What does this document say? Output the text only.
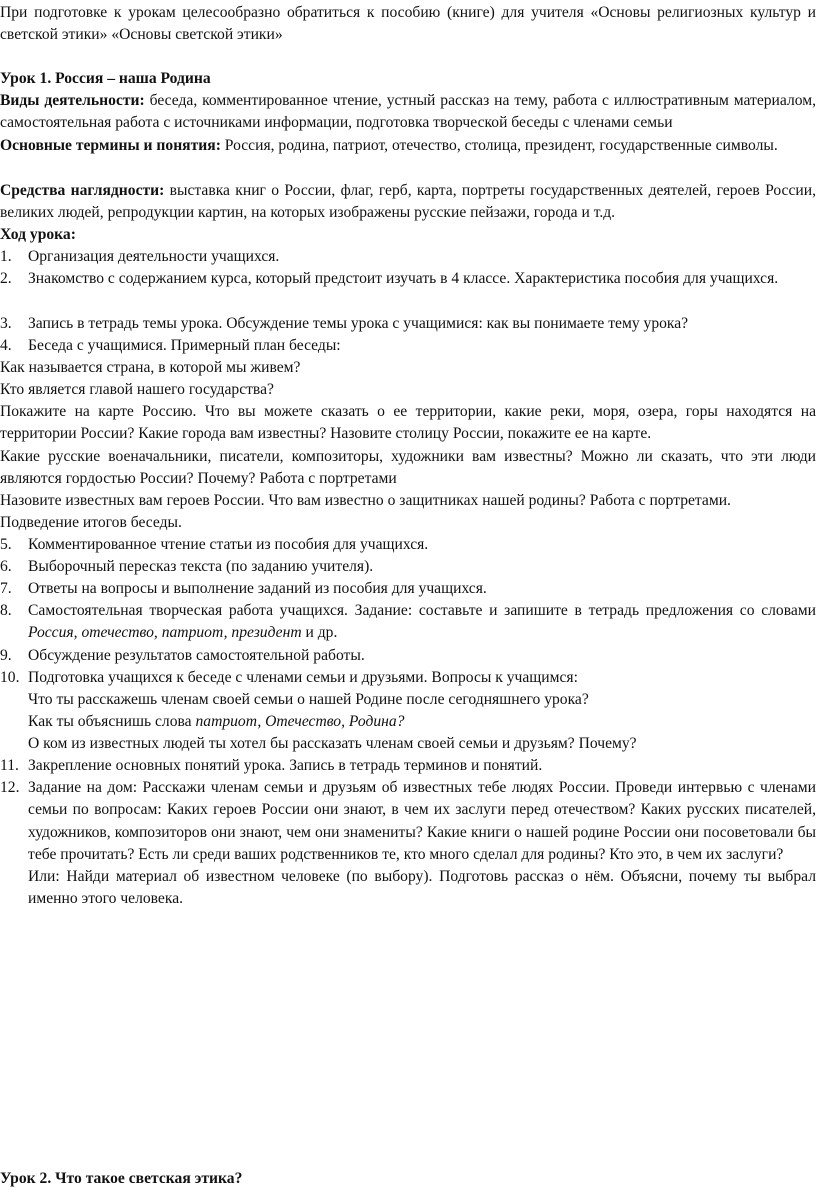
При подготовке к урокам целесообразно обратиться к пособию (книге) для учителя «Основы религиозных культур и светской этики» «Основы светской этики»
Урок 1. Россия – наша Родина
Виды деятельности: беседа, комментированное чтение, устный рассказ на тему, работа с иллюстративным материалом, самостоятельная работа с источниками информации, подготовка творческой беседы с членами семьи
Основные термины и понятия: Россия, родина, патриот, отечество, столица, президент, государственные символы.
Средства наглядности: выставка книг о России, флаг, герб, карта, портреты государственных деятелей, героев России, великих людей, репродукции картин, на которых изображены русские пейзажи, города и т.д.
Ход урока:
1. Организация деятельности учащихся.
2. Знакомство с содержанием курса, который предстоит изучать в 4 классе. Характеристика пособия для учащихся.
3. Запись в тетрадь темы урока. Обсуждение темы урока с учащимися: как вы понимаете тему урока?
4. Беседа с учащимися. Примерный план беседы:
Как называется страна, в которой мы живем?
Кто является главой нашего государства?
Покажите на карте Россию. Что вы можете сказать о ее территории, какие реки, моря, озера, горы находятся на территории России? Какие города вам известны? Назовите столицу России, покажите ее на карте.
Какие русские военачальники, писатели, композиторы, художники вам известны? Можно ли сказать, что эти люди являются гордостью России? Почему? Работа с портретами
Назовите известных вам героев России. Что вам известно о защитниках нашей родины? Работа с портретами.
Подведение итогов беседы.
5. Комментированное чтение статьи из пособия для учащихся.
6. Выборочный пересказ текста (по заданию учителя).
7. Ответы на вопросы и выполнение заданий из пособия для учащихся.
8. Самостоятельная творческая работа учащихся. Задание: составьте и запишите в тетрадь предложения со словами Россия, отечество, патриот, президент и др.
9. Обсуждение результатов самостоятельной работы.
10. Подготовка учащихся к беседе с членами семьи и друзьями. Вопросы к учащимся:
Что ты расскажешь членам своей семьи о нашей Родине после сегодняшнего урока?
Как ты объяснишь слова патриот, Отечество, Родина?
О ком из известных людей ты хотел бы рассказать членам своей семьи и друзьям? Почему?
11. Закрепление основных понятий урока. Запись в тетрадь терминов и понятий.
12. Задание на дом: Расскажи членам семьи и друзьям об известных тебе людях России. Проведи интервью с членами семьи по вопросам: Каких героев России они знают, в чем их заслуги перед отечеством? Каких русских писателей, художников, композиторов они знают, чем они знамениты? Какие книги о нашей родине России они посоветовали бы тебе прочитать? Есть ли среди ваших родственников те, кто много сделал для родины? Кто это, в чем их заслуги?
Или: Найди материал об известном человеке (по выбору). Подготовь рассказ о нём. Объясни, почему ты выбрал именно этого человека.
Урок 2. Что такое светская этика?
